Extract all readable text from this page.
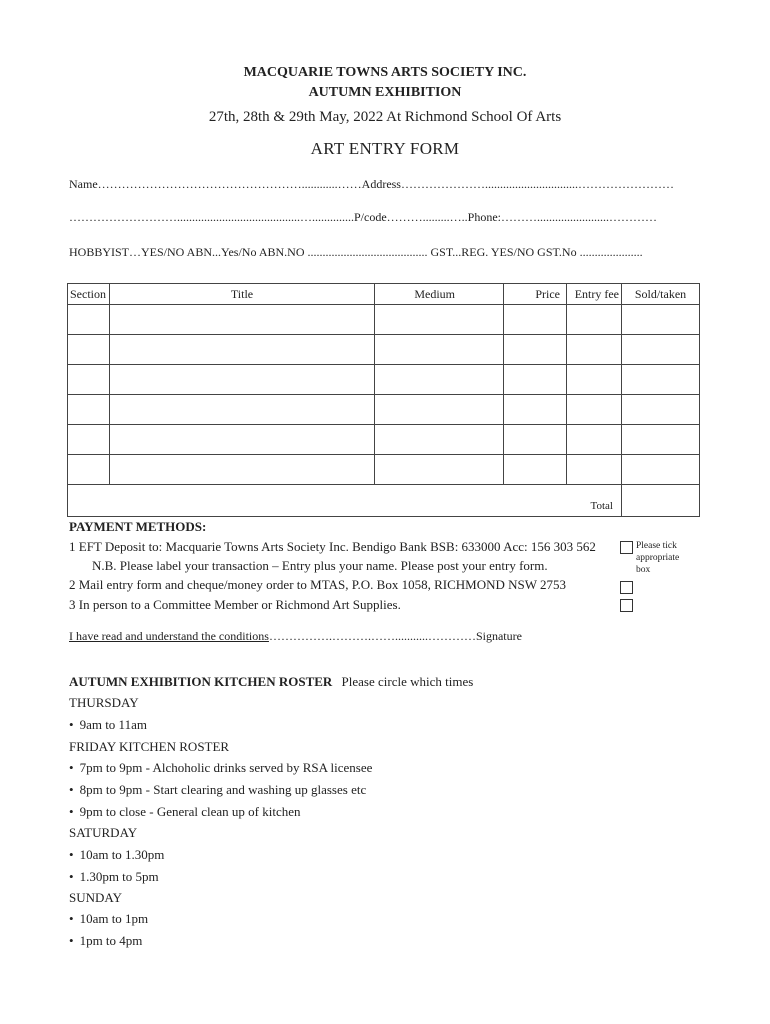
MACQUARIE TOWNS ARTS SOCIETY INC.
AUTUMN EXHIBITION
27th, 28th & 29th May, 2022 At Richmond School Of Arts
ART ENTRY FORM
Name……………………………………………............……Address…………………...............................……………………
……………………….........................................…..............P/code……….........…..Phone:………........................…………
HOBBYIST…YES/NO ABN...Yes/No ABN.NO ........................................ GST...REG. YES/NO GST.No .....................
Section	Title	Medium	Price	Entry fee	Sold/taken

Total					
PAYMENT METHODS:
1 EFT Deposit to: Macquarie Towns Arts Society Inc. Bendigo Bank BSB: 633000 Acc: 156 303 562	Please tick
appropriate
box
N.B. Please label your transaction – Entry plus your name. Please post your entry form.
2 Mail entry form and cheque/money order to MTAS, P.O. Box 1058, RICHMOND NSW 2753
3 In person to a Committee Member or Richmond Art Supplies.
I have read and understand the conditions…………….……….……...........…………Signature
AUTUMN EXHIBITION KITCHEN ROSTER Please circle which times
THURSDAY
• 9am to 11am
FRIDAY KITCHEN ROSTER
• 7pm to 9pm - Alchoholic drinks served by RSA licensee
• 8pm to 9pm - Start clearing and washing up glasses etc
• 9pm to close - General clean up of kitchen
SATURDAY
• 10am to 1.30pm
• 1.30pm to 5pm
SUNDAY
• 10am to 1pm
• 1pm to 4pm
